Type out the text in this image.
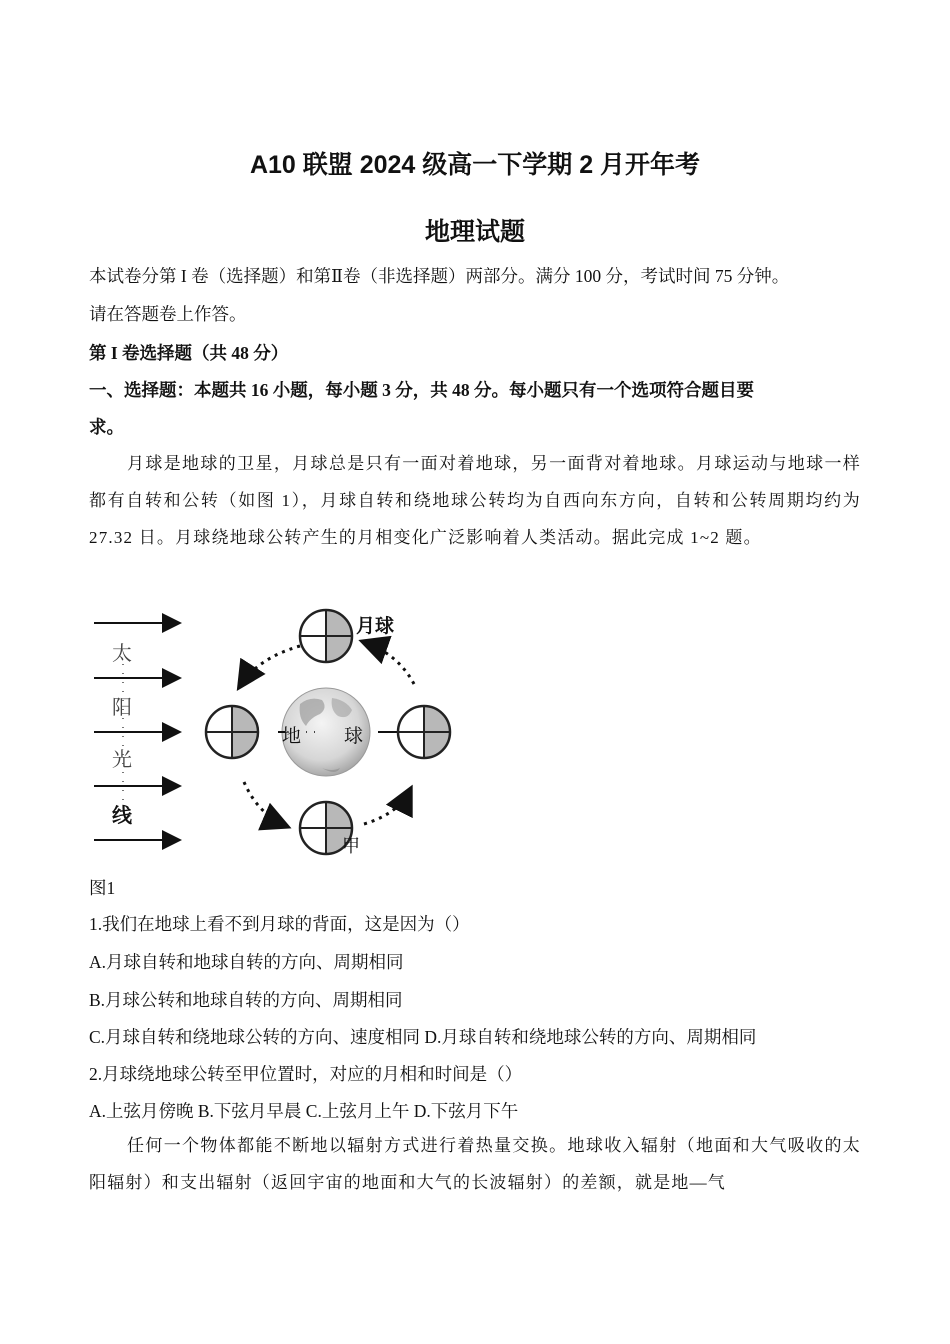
A10 联盟 2024 级高一下学期 2 月开年考
地理试题
本试卷分第 I 卷（选择题）和第Ⅱ卷（非选择题）两部分。满分 100 分，考试时间 75 分钟。
请在答题卷上作答。
第 I 卷选择题（共 48 分）
一、选择题：本题共 16 小题，每小题 3 分，共 48 分。每小题只有一个选项符合题目要
求。
月球是地球的卫星，月球总是只有一面对着地球，另一面背对着地球。月球运动与地球一样都有自转和公转（如图 1），月球自转和绕地球公转均为自西向东方向，自转和公转周期均约为 27.32 日。月球绕地球公转产生的月相变化广泛影响着人类活动。据此完成 1~2 题。
太
阳
光
线
地 球
月球
甲
图1
1.我们在地球上看不到月球的背面，这是因为（）
A.月球自转和地球自转的方向、周期相同
B.月球公转和地球自转的方向、周期相同
C.月球自转和绕地球公转的方向、速度相同 D.月球自转和绕地球公转的方向、周期相同
2.月球绕地球公转至甲位置时，对应的月相和时间是（）
A.上弦月傍晚 B.下弦月早晨 C.上弦月上午 D.下弦月下午
任何一个物体都能不断地以辐射方式进行着热量交换。地球收入辐射（地面和大气吸收的太阳辐射）和支出辐射（返回宇宙的地面和大气的长波辐射）的差额，就是地—气
